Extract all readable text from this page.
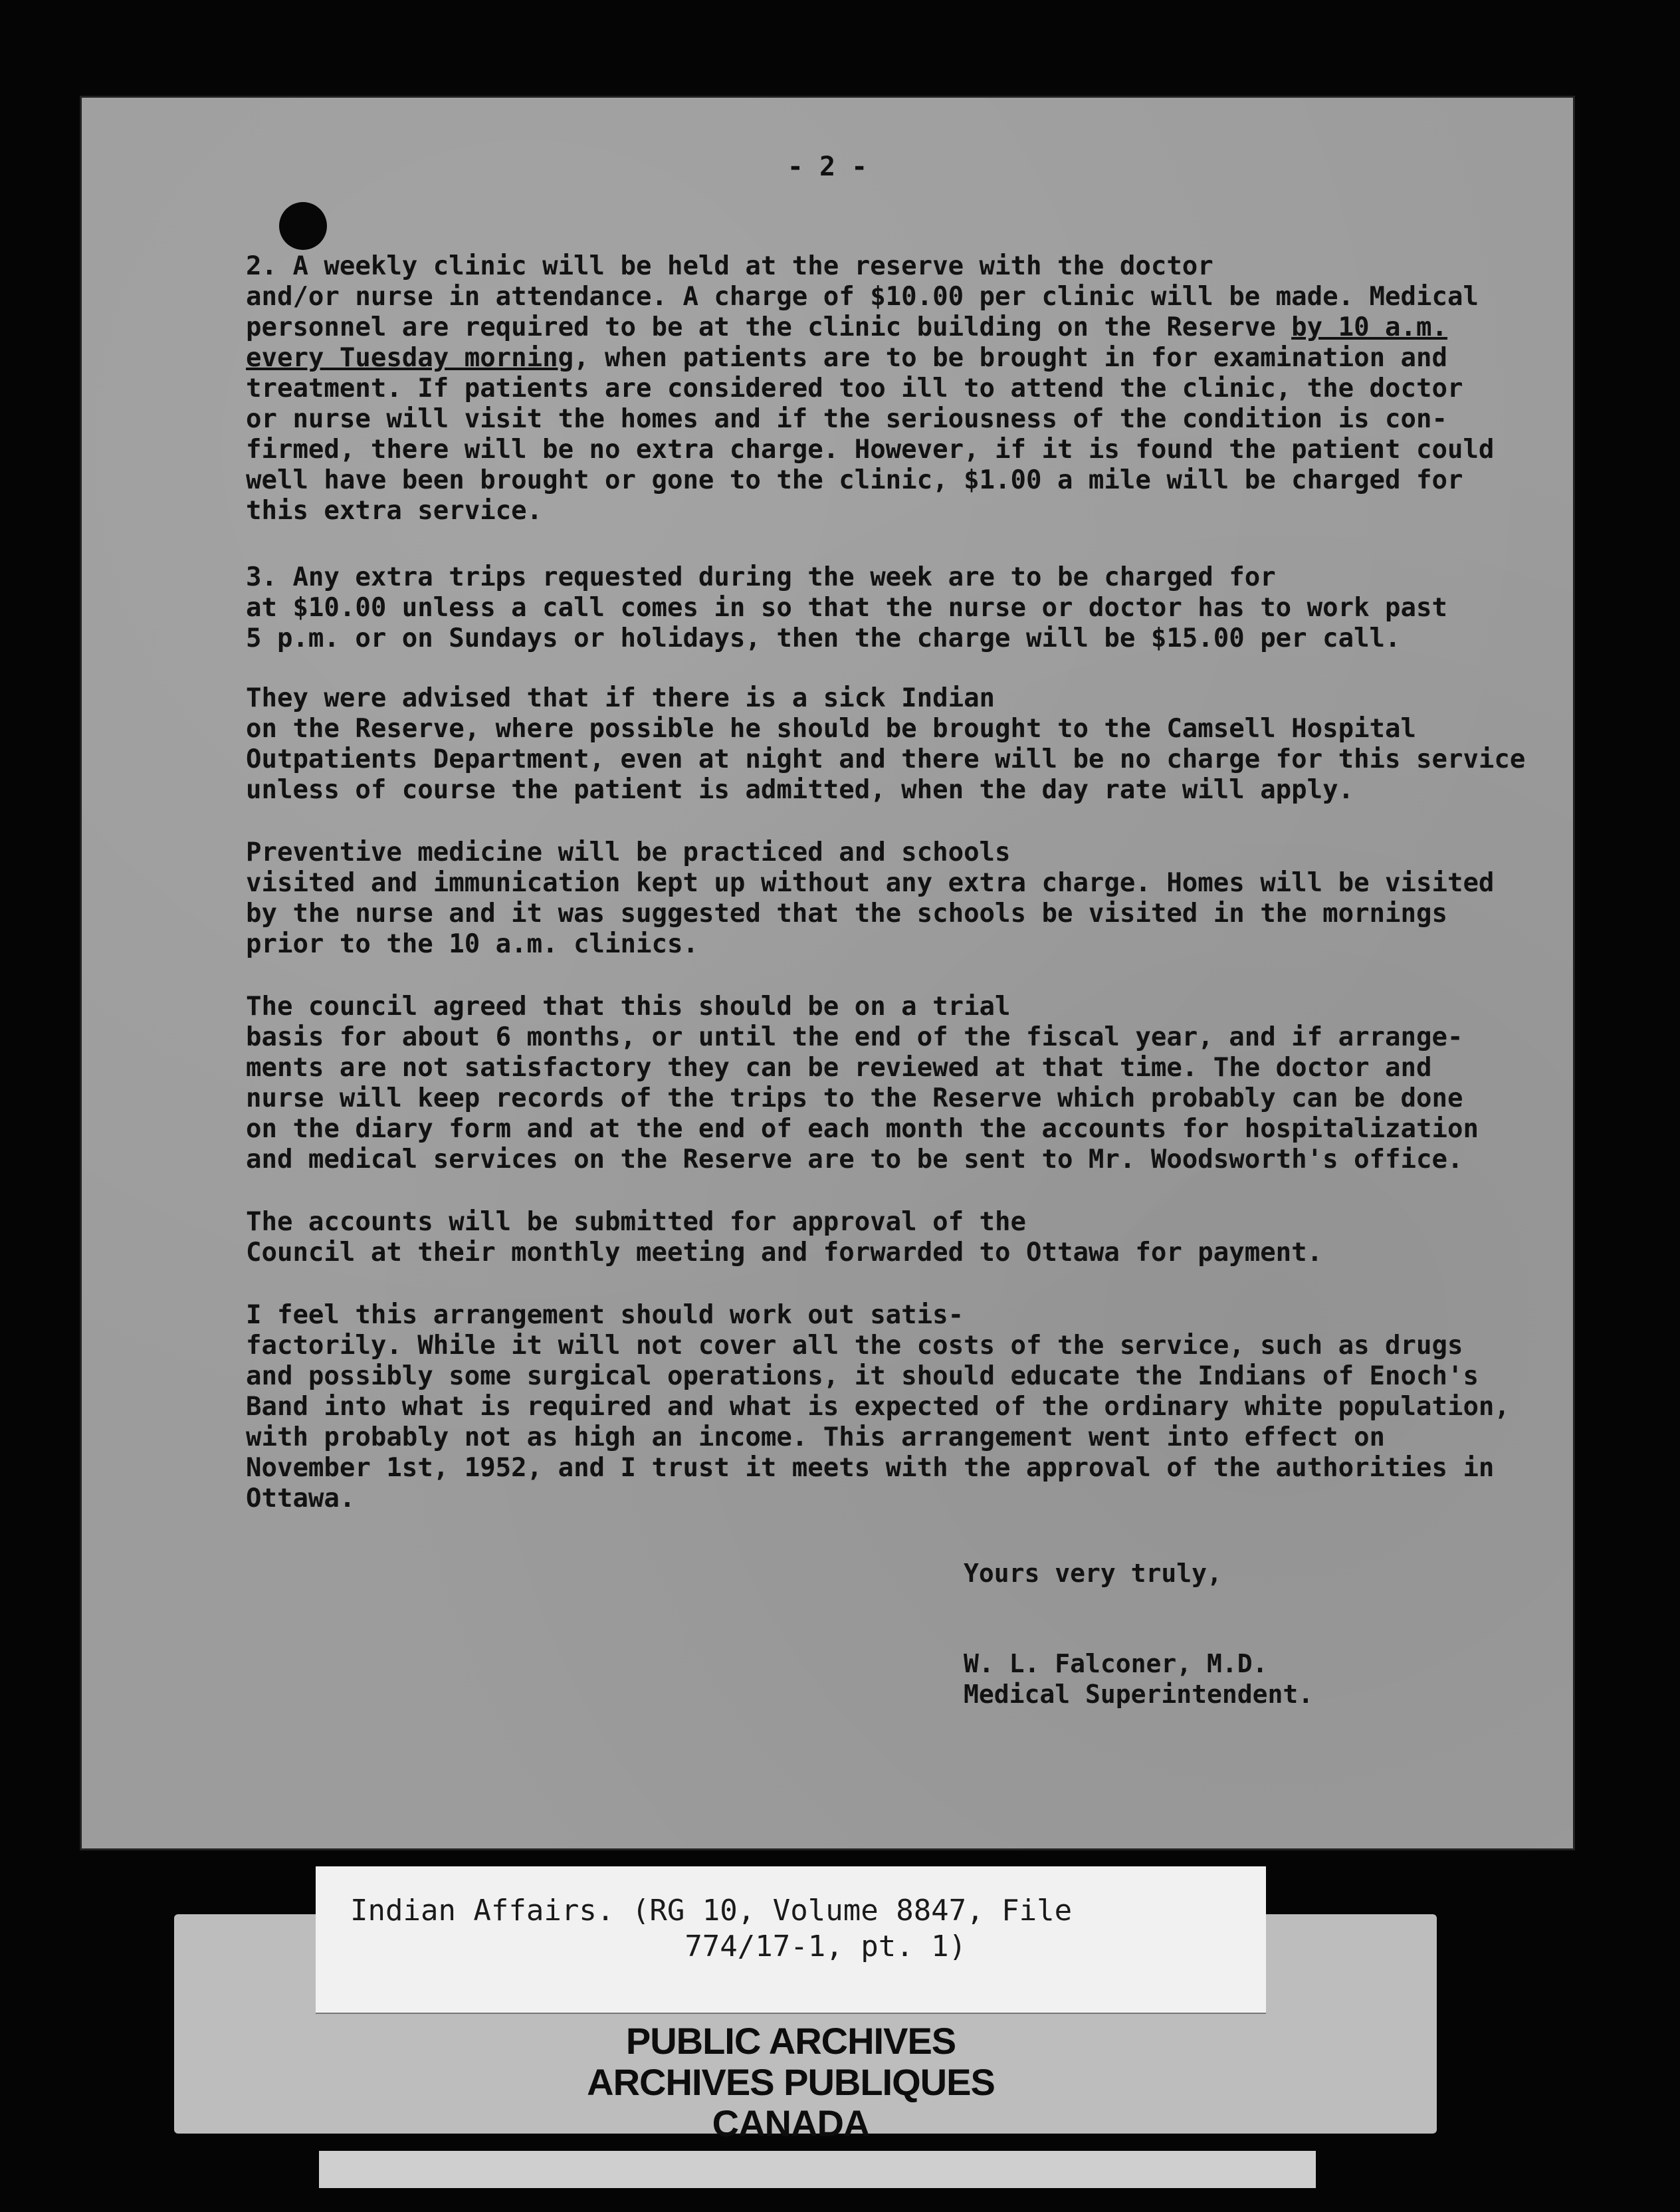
- 2 -

2. A weekly clinic will be held at the reserve with the doctor
and/or nurse in attendance. A charge of $10.00 per clinic will be made. Medical
personnel are required to be at the clinic building on the Reserve by 10 a.m.
every Tuesday morning, when patients are to be brought in for examination and
treatment. If patients are considered too ill to attend the clinic, the doctor
or nurse will visit the homes and if the seriousness of the condition is con-
firmed, there will be no extra charge. However, if it is found the patient could
well have been brought or gone to the clinic, $1.00 a mile will be charged for
this extra service.

3. Any extra trips requested during the week are to be charged for
at $10.00 unless a call comes in so that the nurse or doctor has to work past
5 p.m. or on Sundays or holidays, then the charge will be $15.00 per call.

They were advised that if there is a sick Indian
on the Reserve, where possible he should be brought to the Camsell Hospital
Outpatients Department, even at night and there will be no charge for this service
unless of course the patient is admitted, when the day rate will apply.

Preventive medicine will be practiced and schools
visited and immunication kept up without any extra charge. Homes will be visited
by the nurse and it was suggested that the schools be visited in the mornings
prior to the 10 a.m. clinics.

The council agreed that this should be on a trial
basis for about 6 months, or until the end of the fiscal year, and if arrange-
ments are not satisfactory they can be reviewed at that time. The doctor and
nurse will keep records of the trips to the Reserve which probably can be done
on the diary form and at the end of each month the accounts for hospitalization
and medical services on the Reserve are to be sent to Mr. Woodsworth's office.

The accounts will be submitted for approval of the
Council at their monthly meeting and forwarded to Ottawa for payment.

I feel this arrangement should work out satis-
factorily. While it will not cover all the costs of the service, such as drugs
and possibly some surgical operations, it should educate the Indians of Enoch's
Band into what is required and what is expected of the ordinary white population,
with probably not as high an income. This arrangement went into effect on
November 1st, 1952, and I trust it meets with the approval of the authorities in
Ottawa.

Yours very truly,

W. L. Falconer, M.D.

Medical Superintendent.

Indian Affairs. (RG 10, Volume 8847, File
774/17-1, pt. 1)
PUBLIC ARCHIVES
ARCHIVES PUBLIQUES
CANADA
